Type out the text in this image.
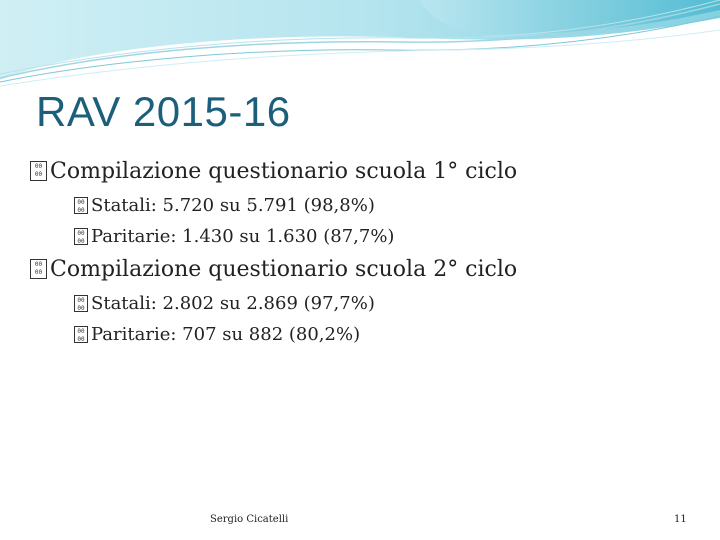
RAV 2015-16
00 00Compilazione questionario scuola 1° ciclo
00 00Statali: 5.720 su 5.791 (98,8%)
00 00Paritarie: 1.430 su 1.630 (87,7%)
00 00Compilazione questionario scuola 2° ciclo
00 00Statali: 2.802 su 2.869 (97,7%)
00 00Paritarie: 707 su 882 (80,2%)
Sergio Cicatelli	11
